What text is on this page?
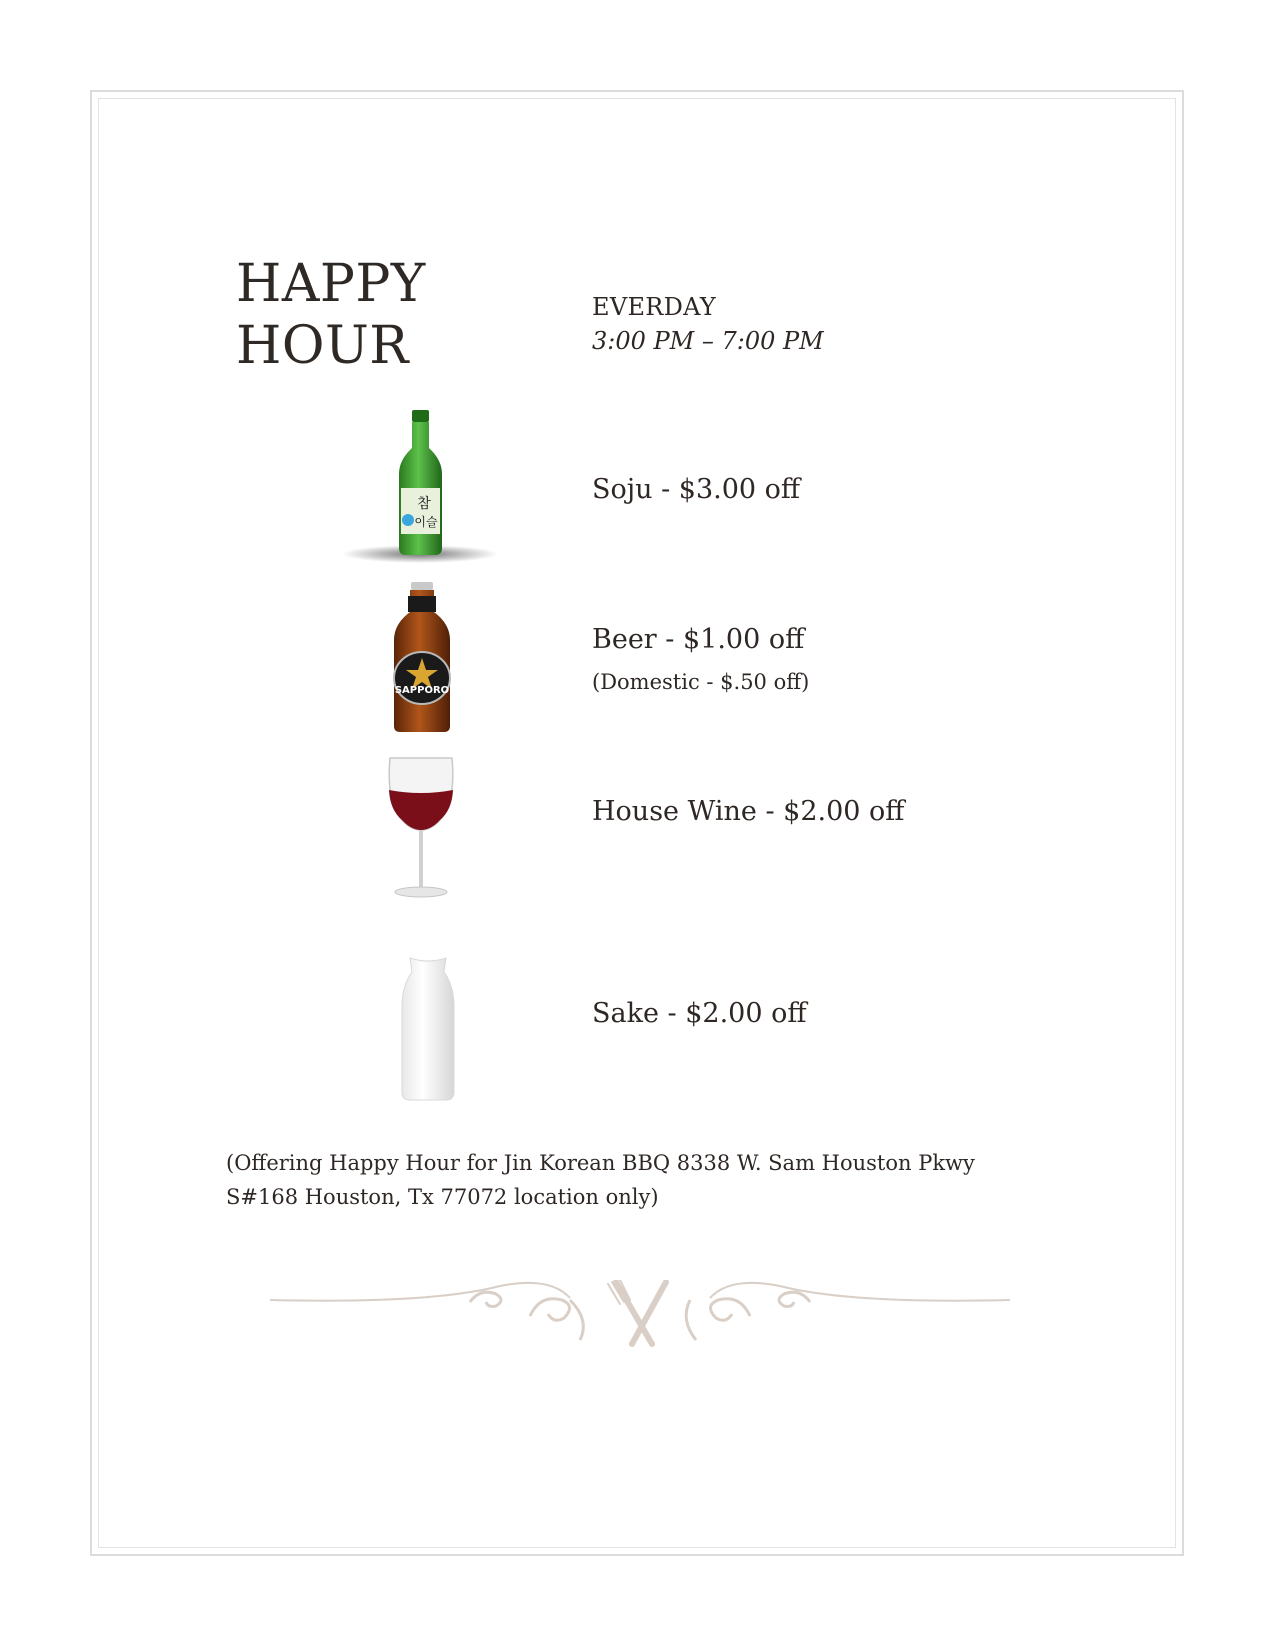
HAPPY
HOUR
EVERDAY
3:00 PM – 7:00 PM
참
이슬
Soju - $3.00 off
SAPPORO
Beer - $1.00 off
(Domestic - $.50 off)
House Wine - $2.00 off
Sake - $2.00 off
(Offering Happy Hour for Jin Korean BBQ 8338 W. Sam Houston Pkwy S#168 Houston, Tx 77072 location only)
